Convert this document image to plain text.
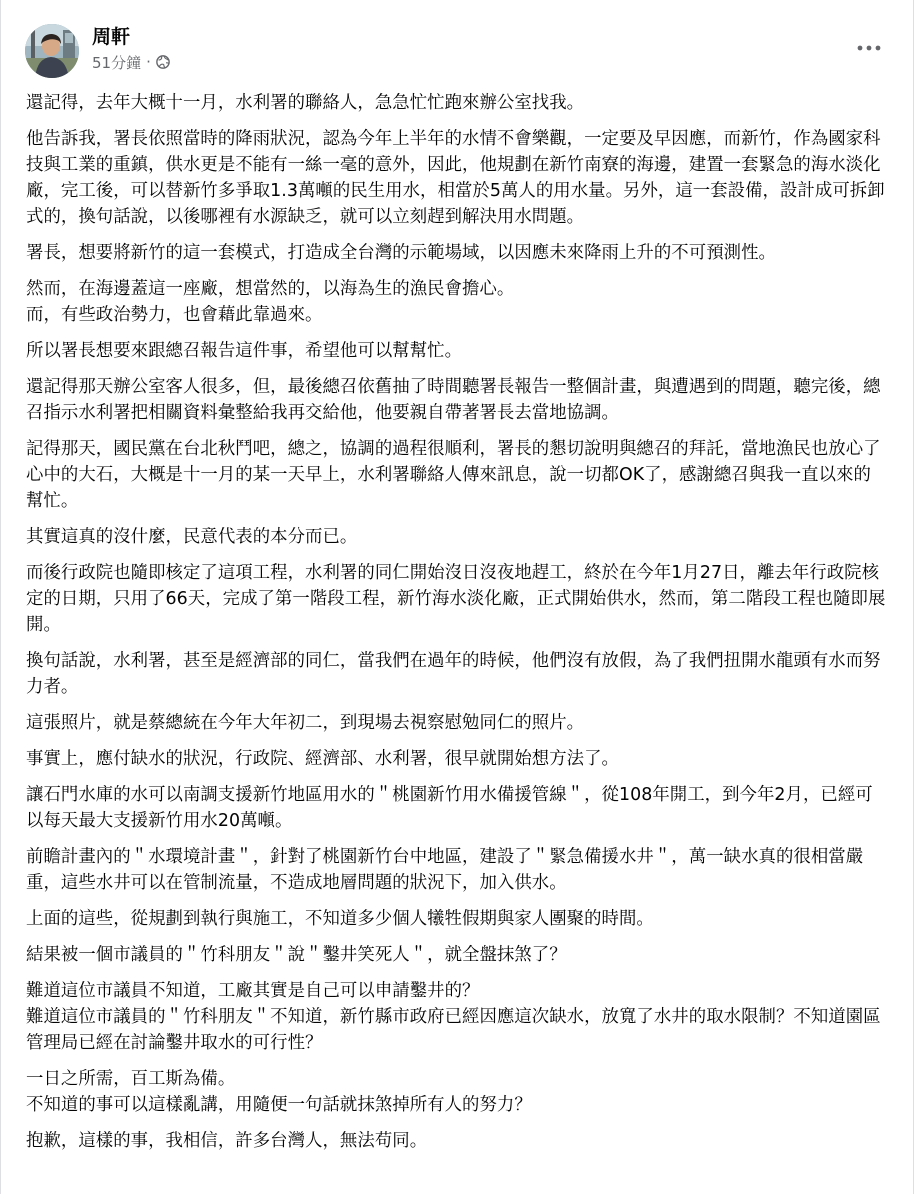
周軒
51分鐘 ·

還記得，去年大概十一月，水利署的聯絡人，急急忙忙跑來辦公室找我。

他告訴我，署長依照當時的降雨狀況，認為今年上半年的水情不會樂觀，一定要及早因應，而新竹，作為國家科技與工業的重鎮，供水更是不能有一絲一毫的意外，因此，他規劃在新竹南寮的海邊，建置一套緊急的海水淡化廠，完工後，可以替新竹多爭取1.3萬噸的民生用水，相當於5萬人的用水量。另外，這一套設備，設計成可拆卸式的，換句話說，以後哪裡有水源缺乏，就可以立刻趕到解決用水問題。

署長，想要將新竹的這一套模式，打造成全台灣的示範場域，以因應未來降雨上升的不可預測性。

然而，在海邊蓋這一座廠，想當然的，以海為生的漁民會擔心。
而，有些政治勢力，也會藉此靠過來。

所以署長想要來跟總召報告這件事，希望他可以幫幫忙。

還記得那天辦公室客人很多，但，最後總召依舊抽了時間聽署長報告一整個計畫，與遭遇到的問題，聽完後，總召指示水利署把相關資料彙整給我再交給他，他要親自帶著署長去當地協調。

記得那天，國民黨在台北秋鬥吧，總之，協調的過程很順利，署長的懇切說明與總召的拜託，當地漁民也放心了心中的大石，大概是十一月的某一天早上，水利署聯絡人傳來訊息，說一切都OK了，感謝總召與我一直以來的幫忙。

其實這真的沒什麼，民意代表的本分而已。

而後行政院也隨即核定了這項工程，水利署的同仁開始沒日沒夜地趕工，終於在今年1月27日，離去年行政院核定的日期，只用了66天，完成了第一階段工程，新竹海水淡化廠，正式開始供水，然而，第二階段工程也隨即展開。

換句話說，水利署，甚至是經濟部的同仁，當我們在過年的時候，他們沒有放假，為了我們扭開水龍頭有水而努力者。

這張照片，就是蔡總統在今年大年初二，到現場去視察慰勉同仁的照片。

事實上，應付缺水的狀況，行政院、經濟部、水利署，很早就開始想方法了。

讓石門水庫的水可以南調支援新竹地區用水的＂桃園新竹用水備援管線＂，從108年開工，到今年2月，已經可以每天最大支援新竹用水20萬噸。

前瞻計畫內的＂水環境計畫＂，針對了桃園新竹台中地區，建設了＂緊急備援水井＂，萬一缺水真的很相當嚴重，這些水井可以在管制流量，不造成地層問題的狀況下，加入供水。

上面的這些，從規劃到執行與施工，不知道多少個人犧牲假期與家人團聚的時間。

結果被一個市議員的＂竹科朋友＂說＂鑿井笑死人＂，就全盤抹煞了？

難道這位市議員不知道，工廠其實是自己可以申請鑿井的？
難道這位市議員的＂竹科朋友＂不知道，新竹縣市政府已經因應這次缺水，放寬了水井的取水限制？不知道園區管理局已經在討論鑿井取水的可行性？

一日之所需，百工斯為備。
不知道的事可以這樣亂講，用隨便一句話就抹煞掉所有人的努力？

抱歉，這樣的事，我相信，許多台灣人，無法苟同。
